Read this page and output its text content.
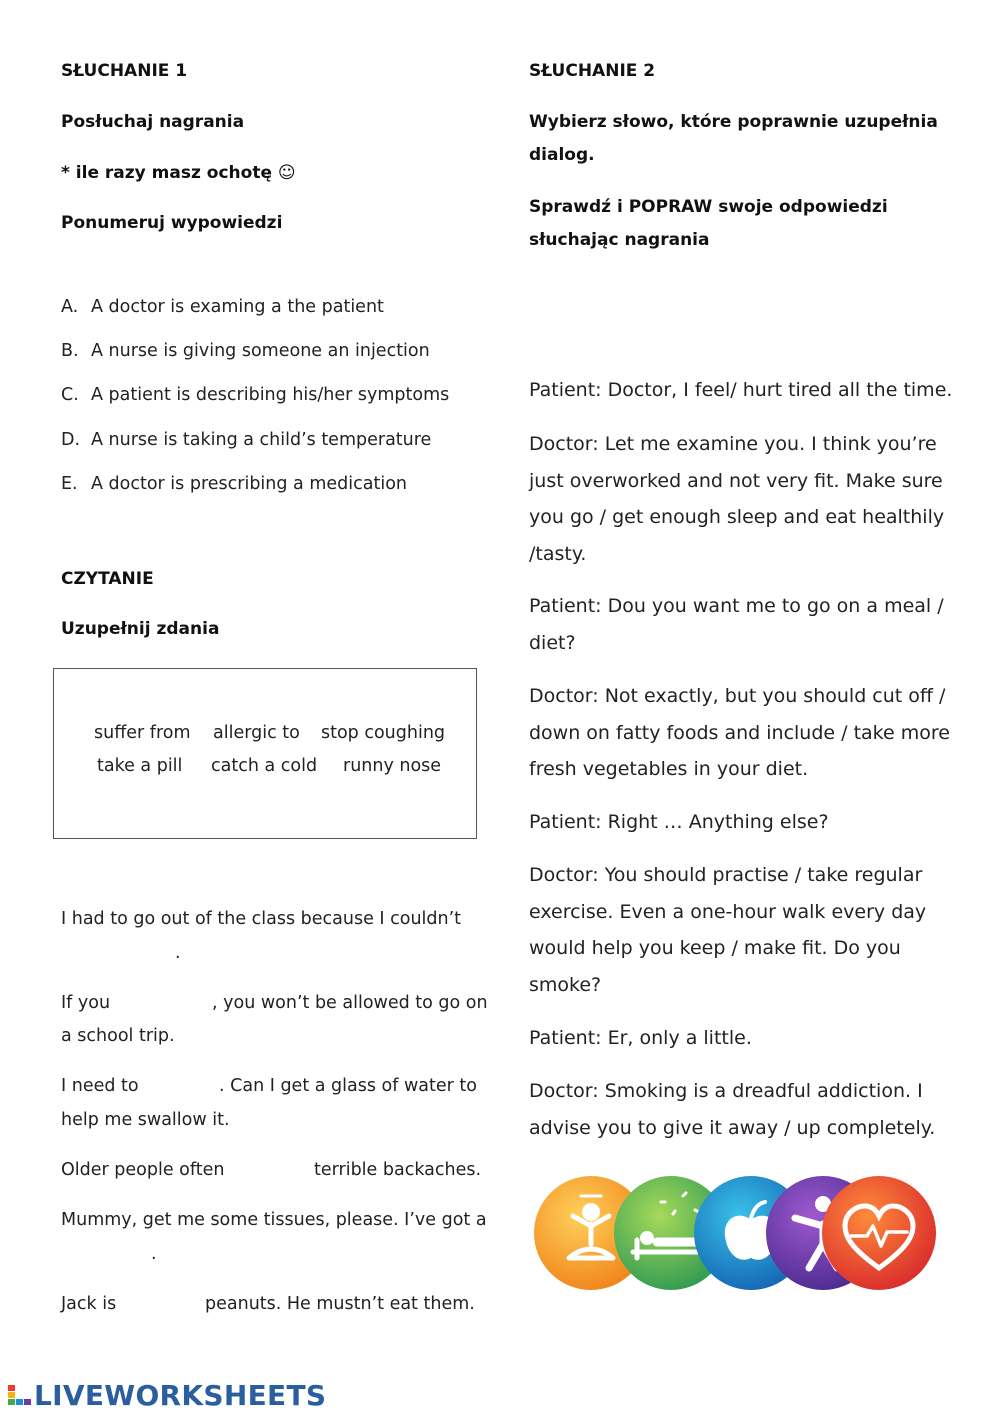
SŁUCHANIE 1
Posłuchaj nagrania
* ile razy masz ochotę ☺
Ponumeruj wypowiedzi
A. A doctor is examing a the patient
B. A nurse is giving someone an injection
C. A patient is describing his/her symptoms
D. A nurse is taking a child’s temperature
E. A doctor is prescribing a medication
CZYTANIE
Uzupełnij zdania
suffer from allergic to stop coughing
take a pill catch a cold runny nose
I had to go out of the class because I couldn’t
.
If you	, you won’t be allowed to go on
a school trip.
I need to	. Can I get a glass of water to
help me swallow it.
Older people often	terrible backaches.
Mummy, get me some tissues, please. I’ve got a
.
Jack is	peanuts. He mustn’t eat them.
SŁUCHANIE 2
Wybierz słowo, które poprawnie uzupełnia
dialog.
Sprawdź i POPRAW swoje odpowiedzi
słuchając nagrania
Patient: Doctor, I feel/ hurt tired all the time.
Doctor: Let me examine you. I think you’re
just overworked and not very fit. Make sure
you go / get enough sleep and eat healthily
/tasty.
Patient: Dou you want me to go on a meal /
diet?
Doctor: Not exactly, but you should cut off /
down on fatty foods and include / take more
fresh vegetables in your diet.
Patient: Right … Anything else?
Doctor: You should practise / take regular
exercise. Even a one-hour walk every day
would help you keep / make fit. Do you
smoke?
Patient: Er, only a little.
Doctor: Smoking is a dreadful addiction. I
advise you to give it away / up completely.
LIVEWORKSHEETS
